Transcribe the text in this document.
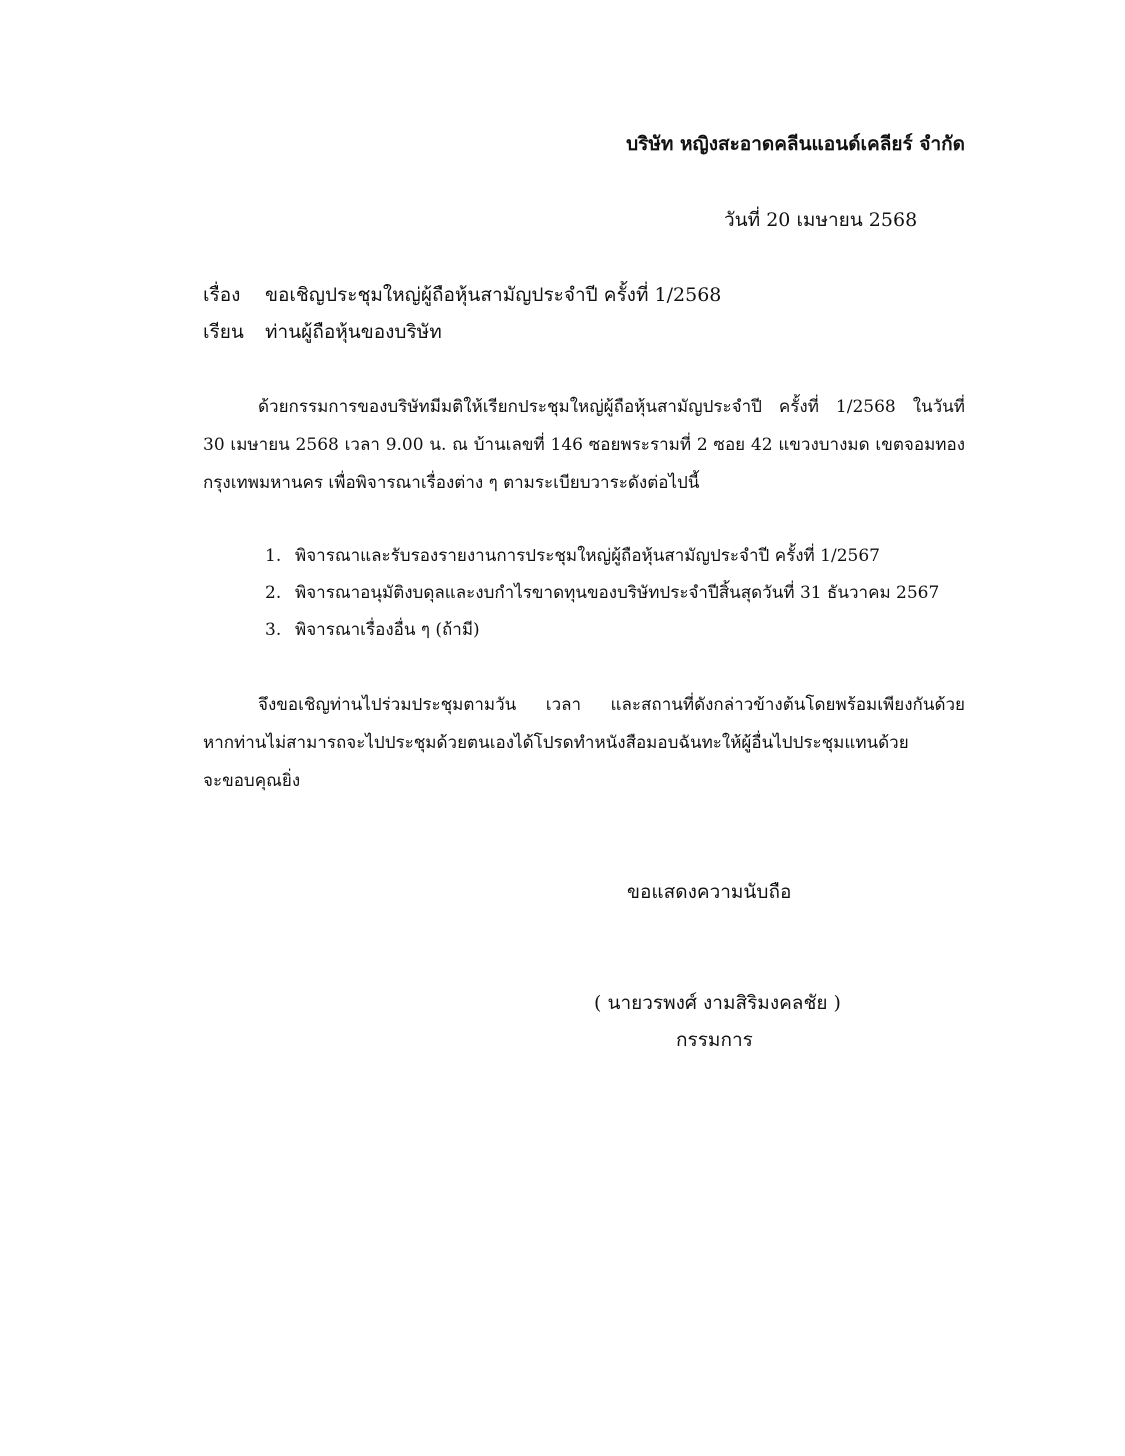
บริษัท หญิงสะอาดคลีนแอนด์เคลียร์ จำกัด
วันที่ 20 เมษายน 2568
เรื่อง ขอเชิญประชุมใหญ่ผู้ถือหุ้นสามัญประจำปี ครั้งที่ 1/2568
เรียน ท่านผู้ถือหุ้นของบริษัท
ด้วยกรรมการของบริษัทมีมติให้เรียกประชุมใหญ่ผู้ถือหุ้นสามัญประจำปี ครั้งที่ 1/2568 ในวันที่
30 เมษายน 2568 เวลา 9.00 น. ณ บ้านเลขที่ 146 ซอยพระรามที่ 2 ซอย 42 แขวงบางมด เขตจอมทอง
กรุงเทพมหานคร เพื่อพิจารณาเรื่องต่าง ๆ ตามระเบียบวาระดังต่อไปนี้
1. พิจารณาและรับรองรายงานการประชุมใหญ่ผู้ถือหุ้นสามัญประจำปี ครั้งที่ 1/2567
2. พิจารณาอนุมัติงบดุลและงบกำไรขาดทุนของบริษัทประจำปีสิ้นสุดวันที่ 31 ธันวาคม 2567
3. พิจารณาเรื่องอื่น ๆ (ถ้ามี)
จึงขอเชิญท่านไปร่วมประชุมตามวัน เวลา และสถานที่ดังกล่าวข้างต้นโดยพร้อมเพียงกันด้วย
หากท่านไม่สามารถจะไปประชุมด้วยตนเองได้โปรดทำหนังสือมอบฉันทะให้ผู้อื่นไปประชุมแทนด้วย
จะขอบคุณยิ่ง
ขอแสดงความนับถือ
( นายวรพงศ์ งามสิริมงคลชัย )
กรรมการ
